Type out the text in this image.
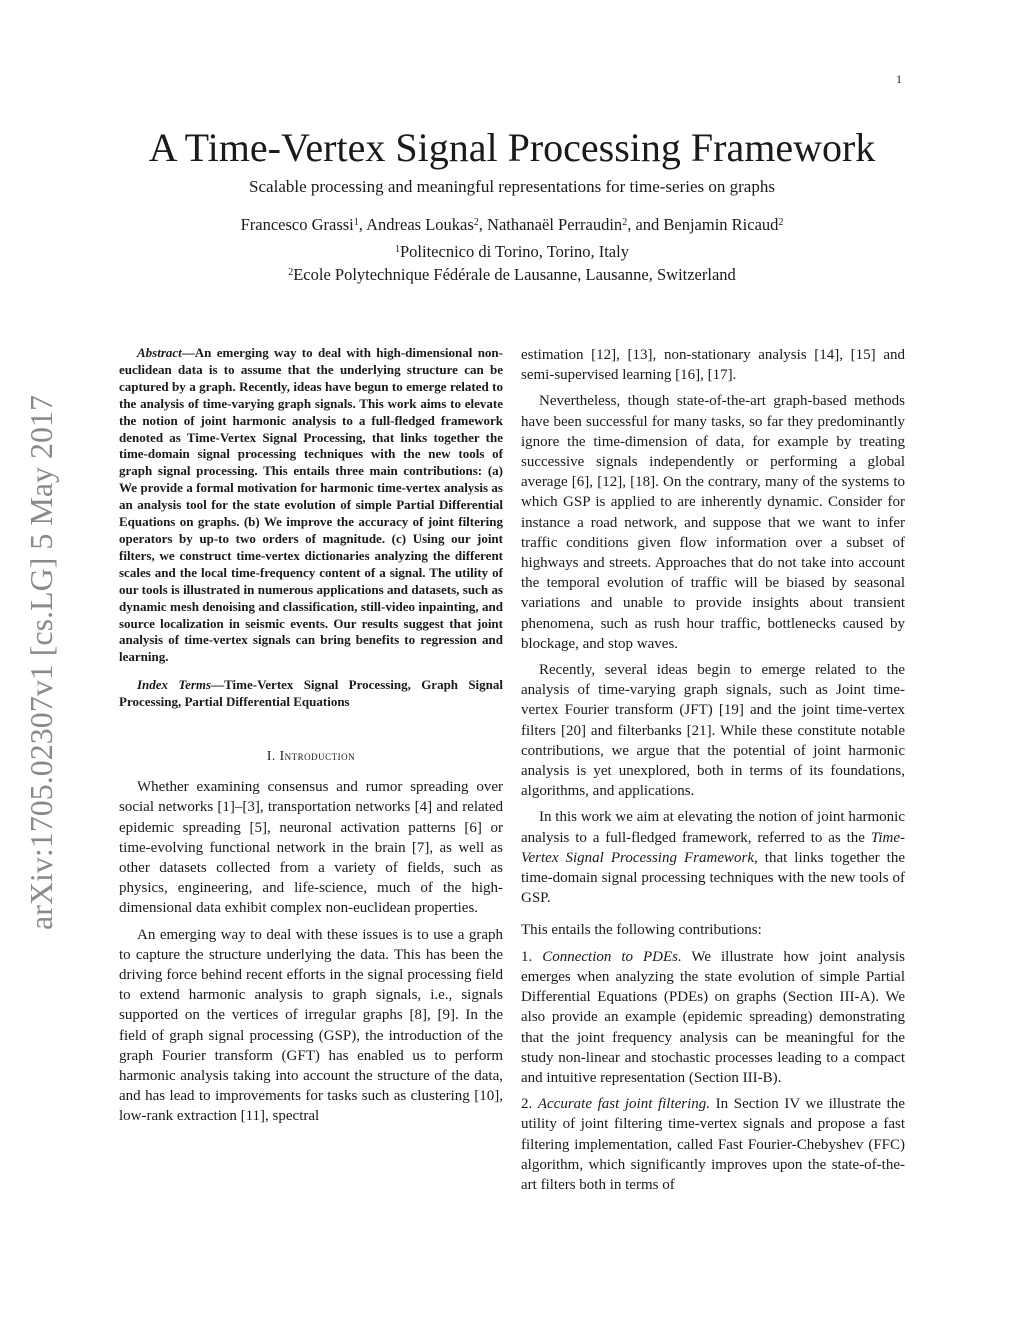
1
arXiv:1705.02307v1 [cs.LG] 5 May 2017
A Time-Vertex Signal Processing Framework
Scalable processing and meaningful representations for time-series on graphs
Francesco Grassi$^1$, Andreas Loukas$^2$, Nathanaël Perraudin$^2$, and Benjamin Ricaud$^2$
$^1$Politecnico di Torino, Torino, Italy
$^2$Ecole Polytechnique Fédérale de Lausanne, Lausanne, Switzerland

Abstract—An emerging way to deal with high-dimensional non-euclidean data is to assume that the underlying structure can be captured by a graph. Recently, ideas have begun to emerge related to the analysis of time-varying graph signals. This work aims to elevate the notion of joint harmonic analysis to a full-fledged framework denoted as Time-Vertex Signal Processing, that links together the time-domain signal processing techniques with the new tools of graph signal processing. This entails three main contributions: (a) We provide a formal motivation for harmonic time-vertex analysis as an analysis tool for the state evolution of simple Partial Differential Equations on graphs. (b) We improve the accuracy of joint filtering operators by up-to two orders of magnitude. (c) Using our joint filters, we construct time-vertex dictionaries analyzing the different scales and the local time-frequency content of a signal. The utility of our tools is illustrated in numerous applications and datasets, such as dynamic mesh denoising and classification, still-video inpainting, and source localization in seismic events. Our results suggest that joint analysis of time-vertex signals can bring benefits to regression and learning.

Index Terms—Time-Vertex Signal Processing, Graph Signal Processing, Partial Differential Equations

I. Introduction

Whether examining consensus and rumor spreading over social networks [1]–[3], transportation networks [4] and related epidemic spreading [5], neuronal activation patterns [6] or time-evolving functional network in the brain [7], as well as other datasets collected from a variety of fields, such as physics, engineering, and life-science, much of the high-dimensional data exhibit complex non-euclidean properties.

An emerging way to deal with these issues is to use a graph to capture the structure underlying the data. This has been the driving force behind recent efforts in the signal processing field to extend harmonic analysis to graph signals, i.e., signals supported on the vertices of irregular graphs [8], [9]. In the field of graph signal processing (GSP), the introduction of the graph Fourier transform (GFT) has enabled us to perform harmonic analysis taking into account the structure of the data, and has lead to improvements for tasks such as clustering [10], low-rank extraction [11], spectral

estimation [12], [13], non-stationary analysis [14], [15] and semi-supervised learning [16], [17].

Nevertheless, though state-of-the-art graph-based methods have been successful for many tasks, so far they predominantly ignore the time-dimension of data, for example by treating successive signals independently or performing a global average [6], [12], [18]. On the contrary, many of the systems to which GSP is applied to are inherently dynamic. Consider for instance a road network, and suppose that we want to infer traffic conditions given flow information over a subset of highways and streets. Approaches that do not take into account the temporal evolution of traffic will be biased by seasonal variations and unable to provide insights about transient phenomena, such as rush hour traffic, bottlenecks caused by blockage, and stop waves.

Recently, several ideas begin to emerge related to the analysis of time-varying graph signals, such as Joint time-vertex Fourier transform (JFT) [19] and the joint time-vertex filters [20] and filterbanks [21]. While these constitute notable contributions, we argue that the potential of joint harmonic analysis is yet unexplored, both in terms of its foundations, algorithms, and applications.

In this work we aim at elevating the notion of joint harmonic analysis to a full-fledged framework, referred to as the Time-Vertex Signal Processing Framework, that links together the time-domain signal processing techniques with the new tools of GSP.

This entails the following contributions:

1. Connection to PDEs. We illustrate how joint analysis emerges when analyzing the state evolution of simple Partial Differential Equations (PDEs) on graphs (Section III-A). We also provide an example (epidemic spreading) demonstrating that the joint frequency analysis can be meaningful for the study non-linear and stochastic processes leading to a compact and intuitive representation (Section III-B).

2. Accurate fast joint filtering. In Section IV we illustrate the utility of joint filtering time-vertex signals and propose a fast filtering implementation, called Fast Fourier-Chebyshev (FFC) algorithm, which significantly improves upon the state-of-the-art filters both in terms of
